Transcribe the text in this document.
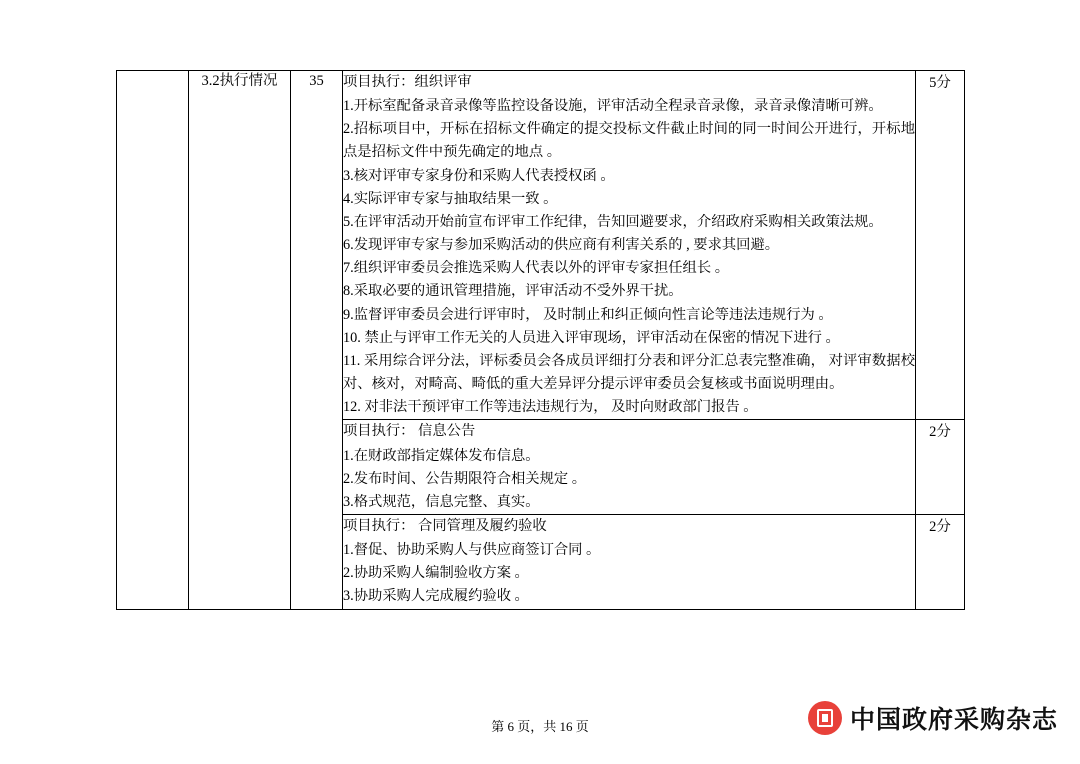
	3.2执行情况	35	项目执行：组织评审
1.开标室配备录音录像等监控设备设施，评审活动全程录音录像，录音录像清晰可辨。
2.招标项目中，开标在招标文件确定的提交投标文件截止时间的同一时间公开进行，开标地点是招标文件中预先确定的地点 。
3.核对评审专家身份和采购人代表授权函 。
4.实际评审专家与抽取结果一致 。
5.在评审活动开始前宣布评审工作纪律，告知回避要求，介绍政府采购相关政策法规。
6.发现评审专家与参加采购活动的供应商有利害关系的 , 要求其回避。
7.组织评审委员会推选采购人代表以外的评审专家担任组长 。
8.采取必要的通讯管理措施，评审活动不受外界干扰。
9.监督评审委员会进行评审时， 及时制止和纠正倾向性言论等违法违规行为 。
10. 禁止与评审工作无关的人员进入评审现场，评审活动在保密的情况下进行 。
11. 采用综合评分法，评标委员会各成员评细打分表和评分汇总表完整准确， 对评审数据校对、核对，对畸高、畸低的重大差异评分提示评审委员会复核或书面说明理由。
12. 对非法干预评审工作等违法违规行为， 及时向财政部门报告 。
	5分

			项目执行： 信息公告
1.在财政部指定媒体发布信息。
2.发布时间、公告期限符合相关规定 。
3.格式规范，信息完整、真实。	2分

			项目执行： 合同管理及履约验收
1.督促、协助采购人与供应商签订合同 。
2.协助采购人编制验收方案 。
3.协助采购人完成履约验收 。	2分
第 6 页，共 16 页	中国政府采购杂志
